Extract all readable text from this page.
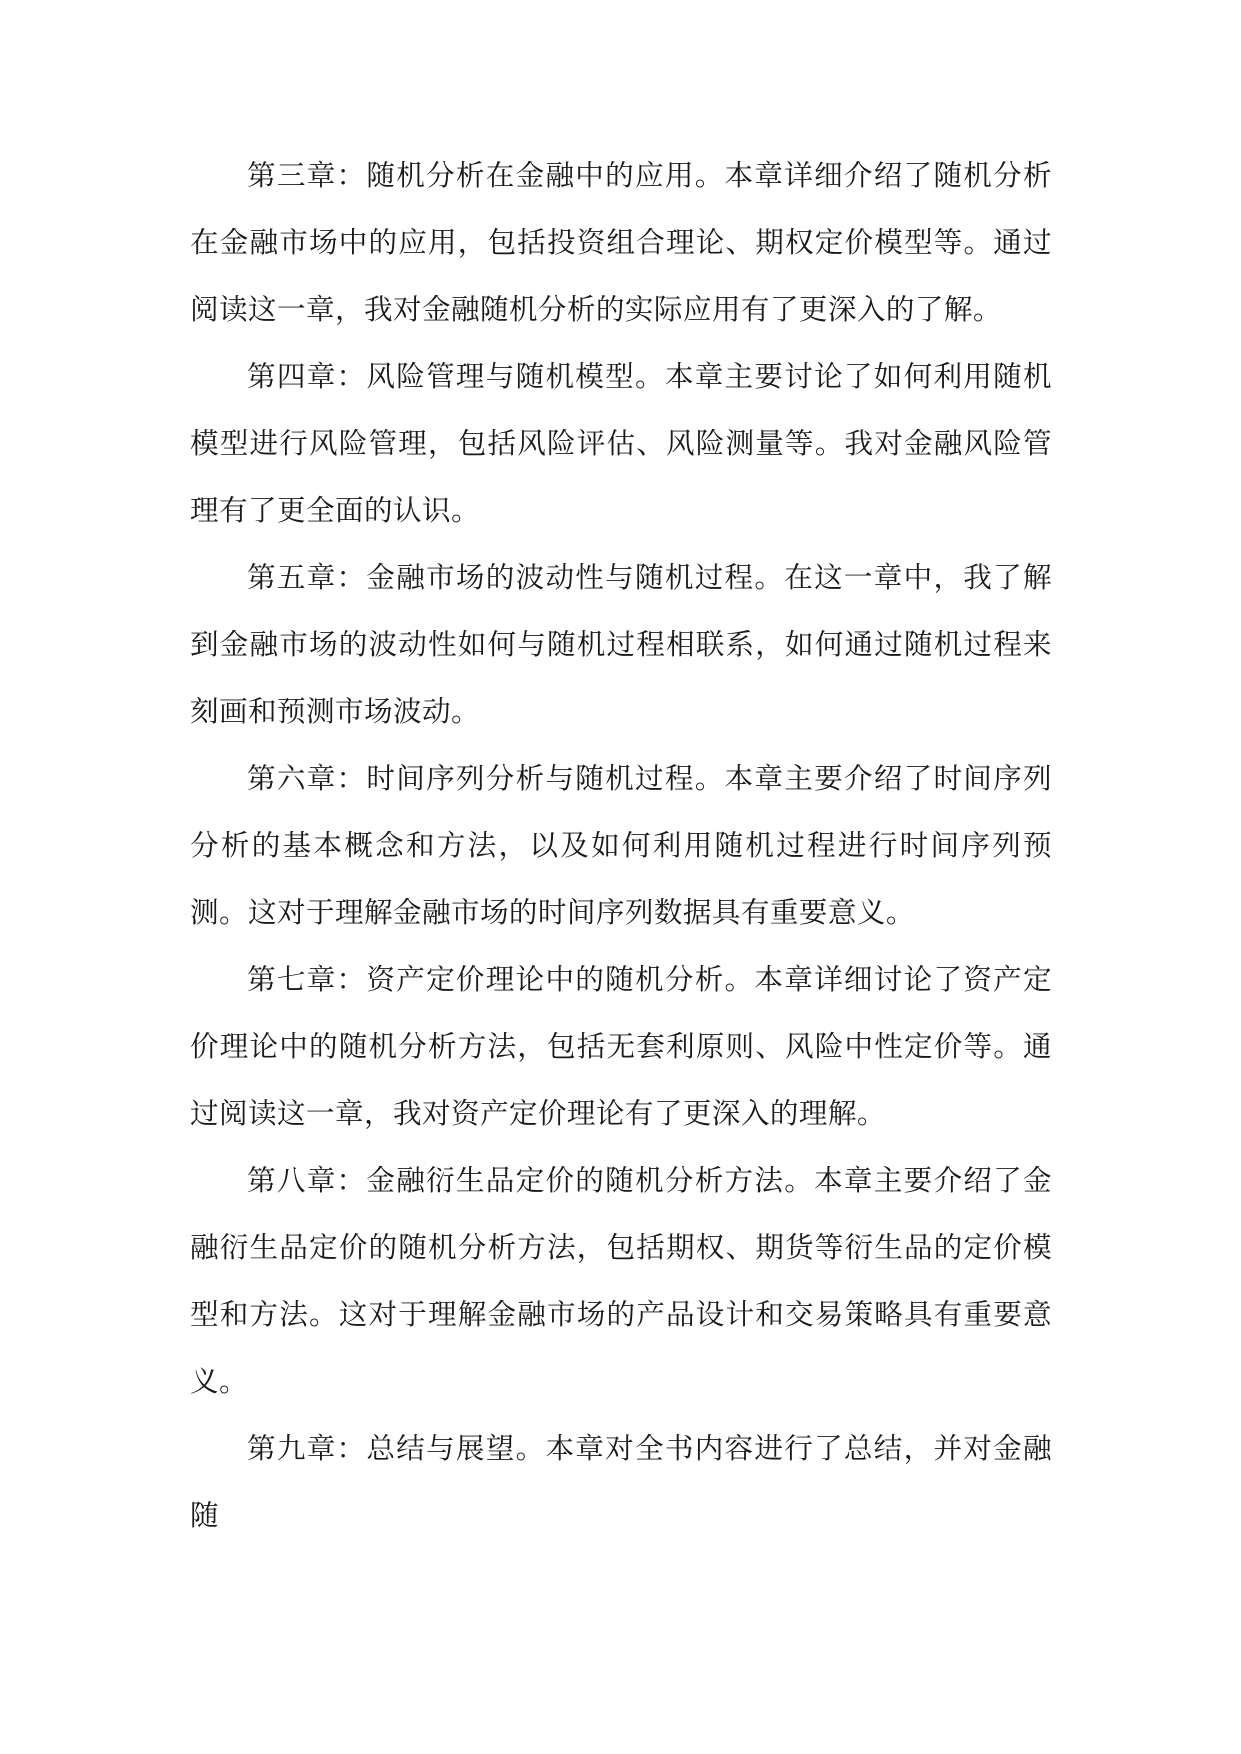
第三章：随机分析在金融中的应用。本章详细介绍了随机分析在金融市场中的应用，包括投资组合理论、期权定价模型等。通过阅读这一章，我对金融随机分析的实际应用有了更深入的了解。

第四章：风险管理与随机模型。本章主要讨论了如何利用随机模型进行风险管理，包括风险评估、风险测量等。我对金融风险管理有了更全面的认识。

第五章：金融市场的波动性与随机过程。在这一章中，我了解到金融市场的波动性如何与随机过程相联系，如何通过随机过程来刻画和预测市场波动。

第六章：时间序列分析与随机过程。本章主要介绍了时间序列分析的基本概念和方法，以及如何利用随机过程进行时间序列预测。这对于理解金融市场的时间序列数据具有重要意义。

第七章：资产定价理论中的随机分析。本章详细讨论了资产定价理论中的随机分析方法，包括无套利原则、风险中性定价等。通过阅读这一章，我对资产定价理论有了更深入的理解。

第八章：金融衍生品定价的随机分析方法。本章主要介绍了金融衍生品定价的随机分析方法，包括期权、期货等衍生品的定价模型和方法。这对于理解金融市场的产品设计和交易策略具有重要意义。

第九章：总结与展望。本章对全书内容进行了总结，并对金融随
